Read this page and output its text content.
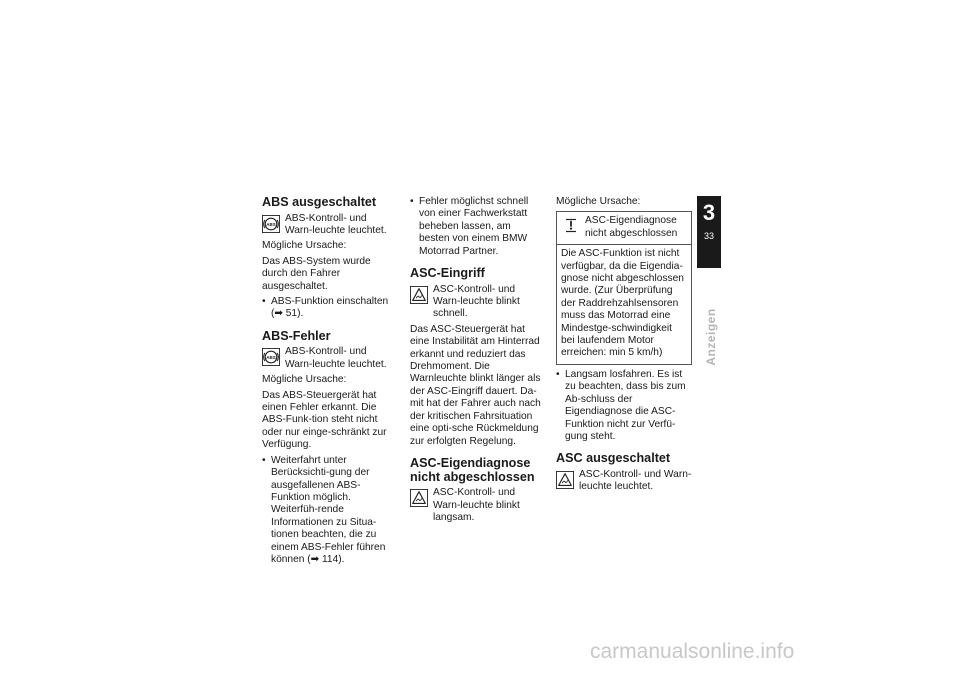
ABS ausgeschaltet
ABS
ABS-Kontroll- und Warn-leuchte leuchtet.

Mögliche Ursache:

Das ABS-System wurde durch den Fahrer ausgeschaltet.

• ABS-Funktion einschalten (➡ 51).
ABS-Fehler
ABS
ABS-Kontroll- und Warn-leuchte leuchtet.

Mögliche Ursache:

Das ABS-Steuergerät hat einen Fehler erkannt. Die ABS-Funk-tion steht nicht oder nur einge-schränkt zur Verfügung.

• Weiterfahrt unter Berücksichti-gung der ausgefallenen ABS-Funktion möglich. Weiterfüh-rende Informationen zu Situa-tionen beachten, die zu einem ABS-Fehler führen können (➡ 114).
• Fehler möglichst schnell von einer Fachwerkstatt beheben lassen, am besten von einem BMW Motorrad Partner.
ASC-Eingriff
ASC-Kontroll- und Warn-leuchte blinkt schnell.

Das ASC-Steuergerät hat eine Instabilität am Hinterrad erkannt und reduziert das Drehmoment. Die Warnleuchte blinkt länger als der ASC-Eingriff dauert. Da-mit hat der Fahrer auch nach der kritischen Fahrsituation eine opti-sche Rückmeldung zur erfolgten Regelung.

ASC-Eigendiagnose nicht abgeschlossen
ASC-Kontroll- und Warn-leuchte blinkt langsam.

Mögliche Ursache:

ASC-Eigendiagnose nicht abgeschlossen
Die ASC-Funktion ist nicht verfügbar, da die Eigendia-gnose nicht abgeschlossen wurde. (Zur Überprüfung der Raddrehzahlsensoren muss das Motorrad eine Mindestge-schwindigkeit bei laufendem Motor erreichen: min 5 km/h)
• Langsam losfahren. Es ist zu beachten, dass bis zum Ab-schluss der Eigendiagnose die ASC-Funktion nicht zur Verfü-gung steht.
ASC ausgeschaltet
ASC-Kontroll- und Warn-leuchte leuchtet.
3
33
Anzeigen
carmanualsonline.info
